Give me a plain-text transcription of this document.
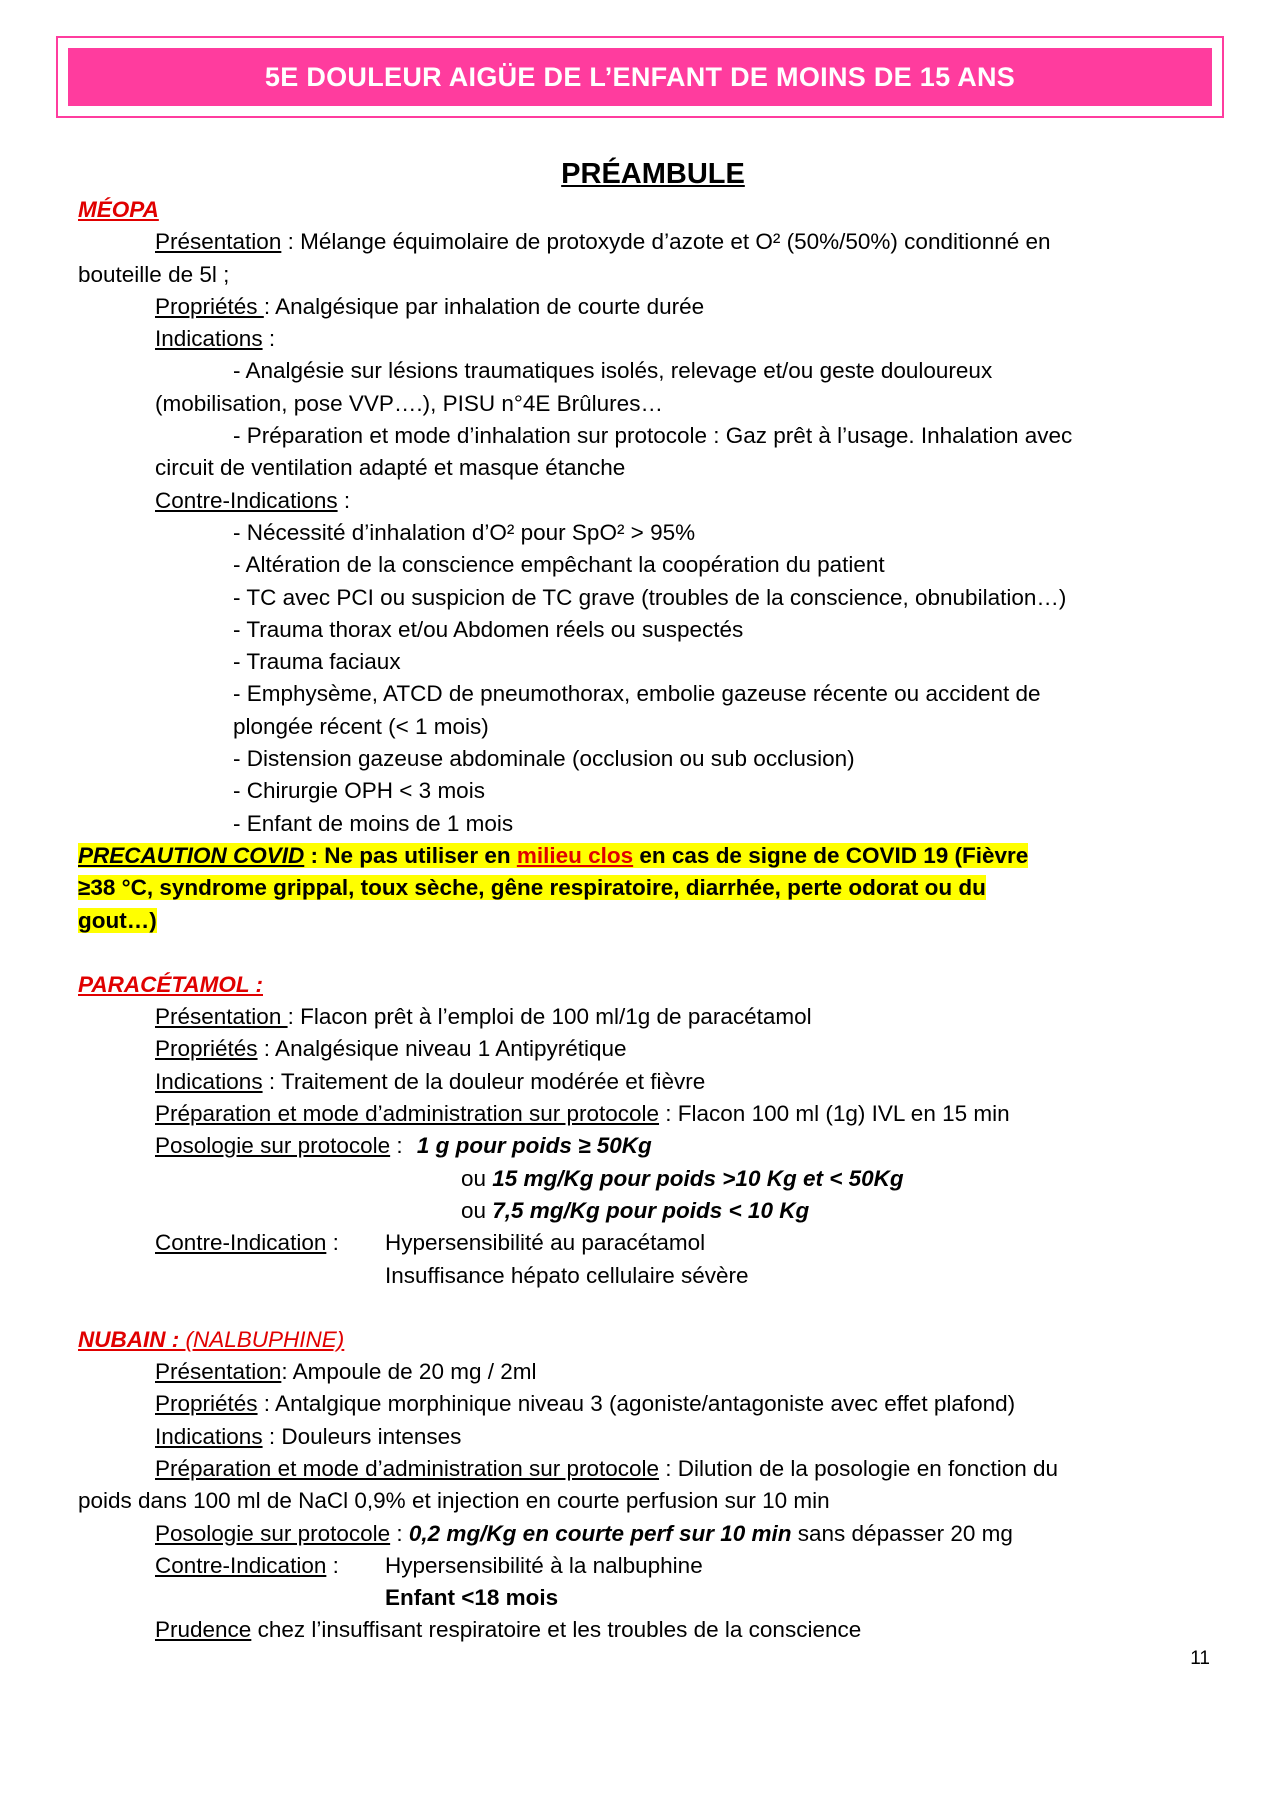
5E DOULEUR AIGÜE DE L’ENFANT DE MOINS DE 15 ANS

PRÉAMBULE

MÉOPA

Présentation : Mélange équimolaire de protoxyde d’azote et O² (50%/50%) conditionné en

bouteille de 5l ;

Propriétés : Analgésique par inhalation de courte durée

Indications :

- Analgésie sur lésions traumatiques isolés, relevage et/ou geste douloureux

(mobilisation, pose VVP….), PISU n°4E Brûlures…

- Préparation et mode d’inhalation sur protocole : Gaz prêt à l’usage. Inhalation avec

circuit de ventilation adapté et masque étanche

Contre-Indications :

- Nécessité d’inhalation d’O² pour SpO² > 95%

- Altération de la conscience empêchant la coopération du patient

- TC avec PCI ou suspicion de TC grave (troubles de la conscience, obnubilation…)

- Trauma thorax et/ou Abdomen réels ou suspectés

- Trauma faciaux

- Emphysème, ATCD de pneumothorax, embolie gazeuse récente ou accident de

plongée récent (< 1 mois)

- Distension gazeuse abdominale (occlusion ou sub occlusion)

- Chirurgie OPH < 3 mois

- Enfant de moins de 1 mois

PRECAUTION COVID : Ne pas utiliser en milieu clos en cas de signe de COVID 19 (Fièvre

≥38 °C, syndrome grippal, toux sèche, gêne respiratoire, diarrhée, perte odorat ou du

gout…)

PARACÉTAMOL :

Présentation : Flacon prêt à l’emploi de 100 ml/1g de paracétamol

Propriétés : Analgésique niveau 1 Antipyrétique

Indications : Traitement de la douleur modérée et fièvre

Préparation et mode d’administration sur protocole : Flacon 100 ml (1g) IVL en 15 min

Posologie sur protocole : 1 g pour poids ≥ 50Kg

ou 15 mg/Kg pour poids >10 Kg et < 50Kg

ou 7,5 mg/Kg pour poids < 10 Kg

Contre-Indication :	Hypersensibilité au paracétamol

Insuffisance hépato cellulaire sévère

NUBAIN : (NALBUPHINE)

Présentation: Ampoule de 20 mg / 2ml

Propriétés : Antalgique morphinique niveau 3 (agoniste/antagoniste avec effet plafond)

Indications : Douleurs intenses

Préparation et mode d’administration sur protocole : Dilution de la posologie en fonction du

poids dans 100 ml de NaCl 0,9% et injection en courte perfusion sur 10 min

Posologie sur protocole : 0,2 mg/Kg en courte perf sur 10 min sans dépasser 20 mg

Contre-Indication :	Hypersensibilité à la nalbuphine

Enfant <18 mois

Prudence chez l’insuffisant respiratoire et les troubles de la conscience

11
